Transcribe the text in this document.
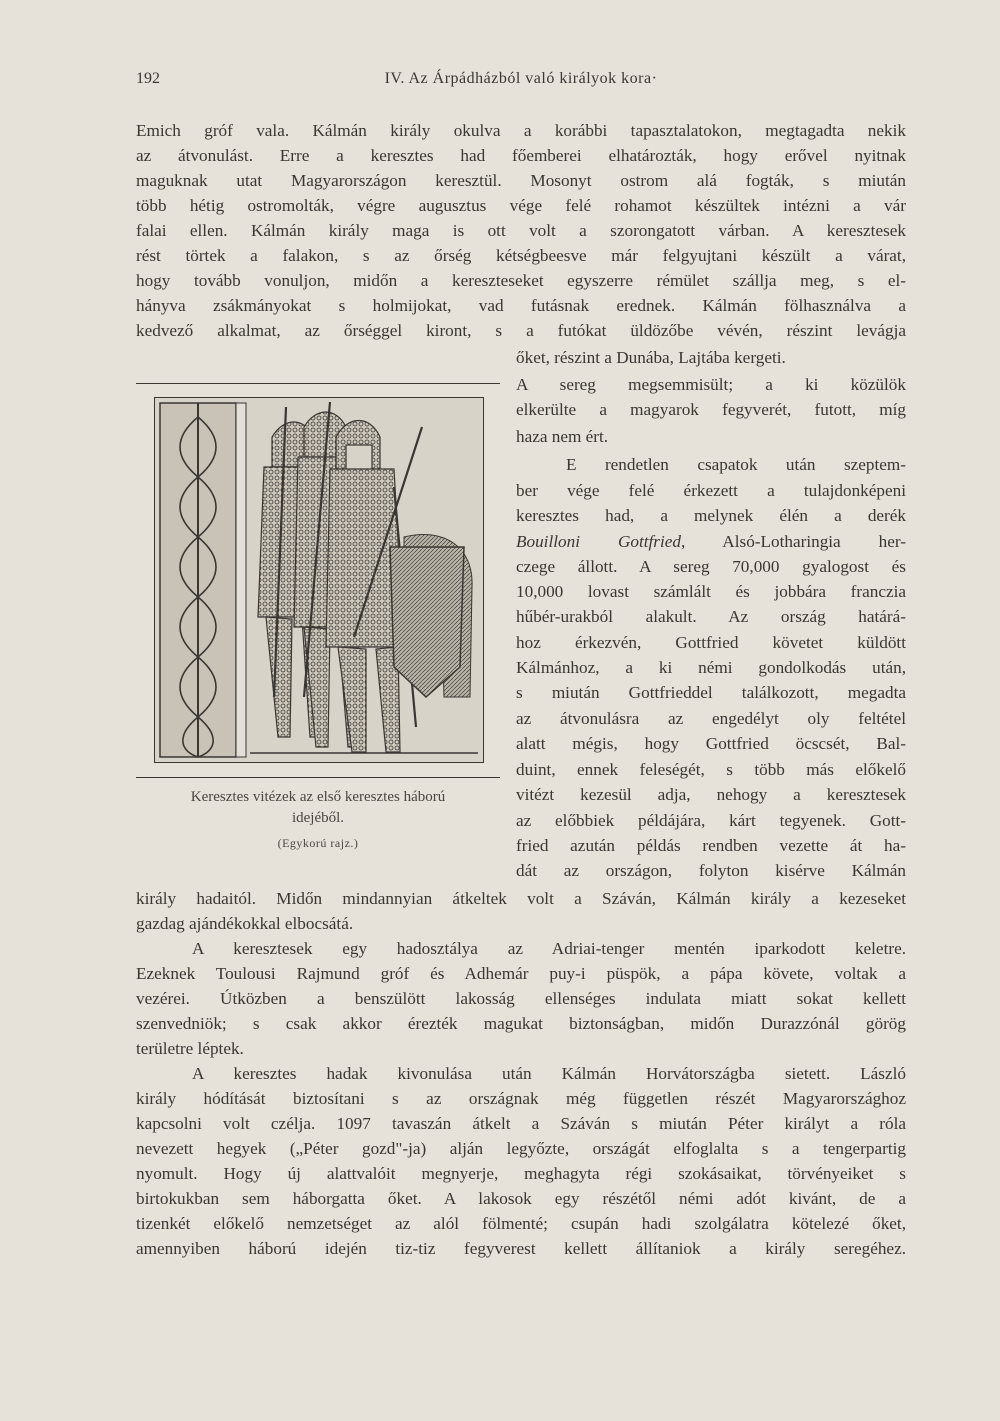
192	IV. Az Árpádházból való királyok kora·
Emich gróf vala. Kálmán király okulva a korábbi tapasztalatokon, megtagadta nekik
az átvonulást. Erre a keresztes had főemberei elhatározták, hogy erővel nyitnak
maguknak utat Magyarországon keresztül. Mosonyt ostrom alá fogták, s miután
több hétig ostromolták, végre augusztus vége felé rohamot készültek intézni a vár
falai ellen. Kálmán király maga is ott volt a szorongatott várban. A keresztesek
rést törtek a falakon, s az őrség kétségbeesve már felgyujtani készült a várat,
hogy tovább vonuljon, midőn a kereszteseket egyszerre rémület szállja meg, s el-
hányva zsákmányokat s holmijokat, vad futásnak erednek. Kálmán fölhasználva a
kedvező alkalmat, az őrséggel kiront, s a futókat üldözőbe vévén, részint levágja
őket, részint a Dunába, Lajtába kergeti.
A sereg megsemmisült; a ki közülök
elkerülte a magyarok fegyverét, futott, míg
haza nem ért.
E rendetlen csapatok után szeptem-
ber vége felé érkezett a tulajdonképeni
keresztes had, a melynek élén a derék
Bouilloni Gottfried, Alsó-Lotharingia her-
czege állott. A sereg 70,000 gyalogost és
10,000 lovast számlált és jobbára franczia
hűbér-urakból alakult. Az ország határá-
hoz érkezvén, Gottfried követet küldött
Kálmánhoz, a ki némi gondolkodás után,
s miután Gottfrieddel találkozott, megadta
az átvonulásra az engedélyt oly feltétel
alatt mégis, hogy Gottfried öcscsét, Bal-
duint, ennek feleségét, s több más előkelő
vitézt kezesül adja, nehogy a keresztesek
az előbbiek példájára, kárt tegyenek. Gott-
fried azután példás rendben vezette át ha-
dát az országon, folyton kisérve Kálmán
király hadaitól. Midőn mindannyian átkeltek volt a Száván, Kálmán király a kezeseket
gazdag ajándékokkal elbocsátá.
A keresztesek egy hadosztálya az Adriai-tenger mentén iparkodott keletre.
Ezeknek Toulousi Rajmund gróf és Adhemár puy-i püspök, a pápa követe, voltak a
vezérei. Útközben a benszülött lakosság ellenséges indulata miatt sokat kellett
szenvedniök; s csak akkor érezték magukat biztonságban, midőn Durazzónál görög
területre léptek.
A keresztes hadak kivonulása után Kálmán Horvátországba sietett. László
király hódítását biztosítani s az országnak még független részét Magyarországhoz
kapcsolni volt czélja. 1097 tavaszán átkelt a Száván s miután Péter királyt a róla
nevezett hegyek („Péter gozd"-ja) alján legyőzte, országát elfoglalta s a tengerpartig
nyomult. Hogy új alattvalóit megnyerje, meghagyta régi szokásaikat, törvényeiket s
birtokukban sem háborgatta őket. A lakosok egy részétől némi adót kivánt, de a
tizenkét előkelő nemzetséget az alól fölmenté; csupán hadi szolgálatra kötelezé őket,
amennyiben háború idején tiz-tiz fegyverest kellett állítaniok a király seregéhez.
Keresztes vitézek az első keresztes háború
idejéből.
(Egykorú rajz.)
